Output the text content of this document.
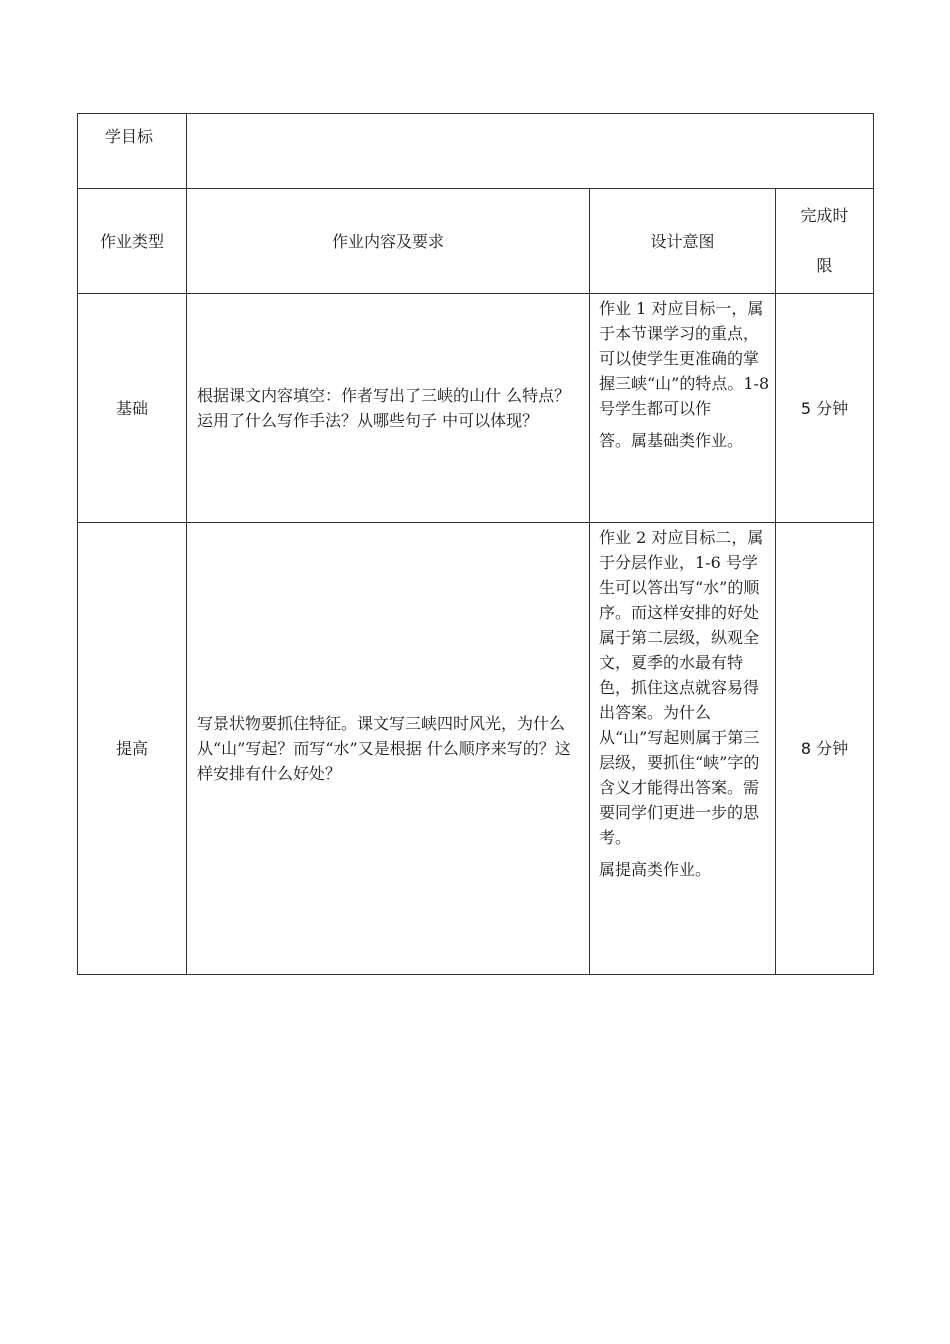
学目标
作业类型	作业内容及要求	设计意图
完成时
限
基础
根据课文内容填空：作者写出了三峡的山什 么特点？运用了什么写作手法？从哪些句子 中可以体现？
作业 1 对应目标一，属于本节课学习的重点，可以使学生更准确的掌握三峡“山”的特点。1-8 号学生都可以作
答。属基础类作业。
5 分钟
提高
写景状物要抓住特征。课文写三峡四时风光，为什么从“山”写起？而写“水”又是根据 什么顺序来写的？这样安排有什么好处？
作业 2 对应目标二，属于分层作业，1-6 号学生可以答出写“水”的顺序。而这样安排的好处属于第二层级，纵观全文，夏季的水最有特色，抓住这点就容易得出答案。为什么从“山”写起则属于第三层级，要抓住“峡”字的含义才能得出答案。需要同学们更进一步的思考。
属提高类作业。
8 分钟
